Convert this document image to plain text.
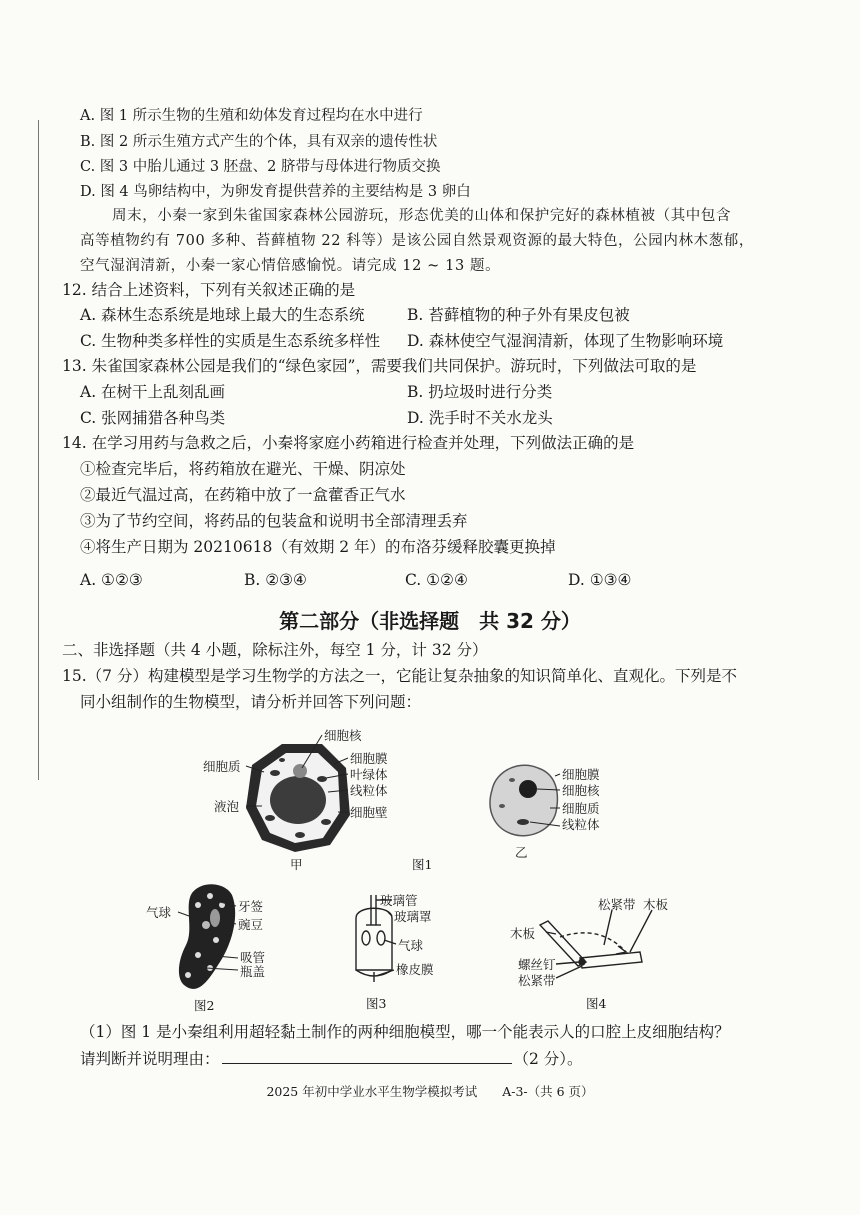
A. 图 1 所示生物的生殖和幼体发育过程均在水中进行
B. 图 2 所示生殖方式产生的个体，具有双亲的遗传性状
C. 图 3 中胎儿通过 3 胚盘、2 脐带与母体进行物质交换
D. 图 4 鸟卵结构中，为卵发育提供营养的主要结构是 3 卵白
周末，小秦一家到朱雀国家森林公园游玩，形态优美的山体和保护完好的森林植被（其中包含
高等植物约有 700 多种、苔藓植物 22 科等）是该公园自然景观资源的最大特色，公园内林木葱郁，
空气湿润清新，小秦一家心情倍感愉悦。请完成 12 ~ 13 题。
12. 结合上述资料，下列有关叙述正确的是
A. 森林生态系统是地球上最大的生态系统	B. 苔藓植物的种子外有果皮包被
C. 生物种类多样性的实质是生态系统多样性 D. 森林使空气湿润清新，体现了生物影响环境
13. 朱雀国家森林公园是我们的“绿色家园”，需要我们共同保护。游玩时，下列做法可取的是
A. 在树干上乱刻乱画	B. 扔垃圾时进行分类
C. 张网捕猎各种鸟类	D. 洗手时不关水龙头
14. 在学习用药与急救之后，小秦将家庭小药箱进行检查并处理，下列做法正确的是
①检查完毕后，将药箱放在避光、干燥、阴凉处
②最近气温过高，在药箱中放了一盒藿香正气水
③为了节约空间，将药品的包装盒和说明书全部清理丢弃
④将生产日期为 20210618（有效期 2 年）的布洛芬缓释胶囊更换掉
A. ①②③	B. ②③④	C. ①②④	D. ①③④
第二部分（非选择题　共 32 分）
二、非选择题（共 4 小题，除标注外，每空 1 分，计 32 分）
15.（7 分）构建模型是学习生物学的方法之一，它能让复杂抽象的知识简单化、直观化。下列是不
同小组制作的生物模型，请分析并回答下列问题：
细胞核
细胞质
细胞膜
叶绿体
线粒体
液泡	细胞壁
甲	图1
细胞膜
细胞核
细胞质
线粒体
乙
气球	牙签
豌豆
吸管
瓶盖
图2
玻璃管
玻璃罩
气球
橡皮膜
图3
松紧带 木板
木板
螺丝钉
松紧带
图4
（1）图 1 是小秦组利用超轻黏土制作的两种细胞模型，哪一个能表示人的口腔上皮细胞结构？
请判断并说明理由：	（2 分）。
2025 年初中学业水平生物学模拟考试　　A-3-（共 6 页）
